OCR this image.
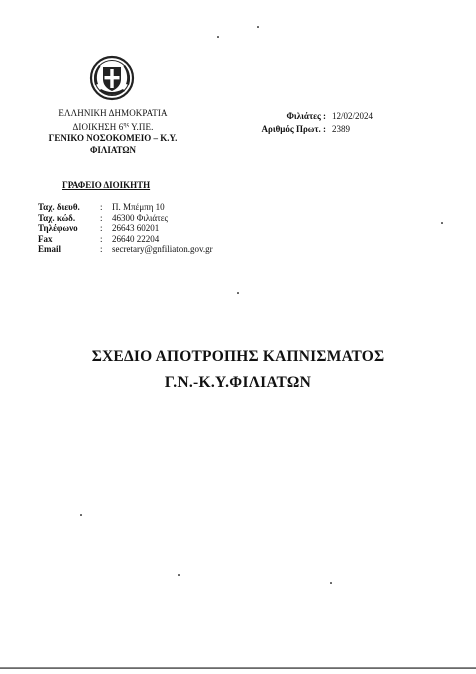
ΕΛΛΗΝΙΚΗ ΔΗΜΟΚΡΑΤΙΑ
ΔΙΟΙΚΗΣΗ $6^{\eta\varsigma}$ Υ.ΠΕ.
ΓΕΝΙΚΟ ΝΟΣΟΚΟΜΕΙΟ – Κ.Υ.
ΦΙΛΙΑΤΩΝ
Φιλιάτες : 12/02/2024
Αριθμός Πρωτ. : 2389
ΓΡΑΦΕΙΟ ΔΙΟΙΚΗΤΗ
Ταχ. διευθ.	:	Π. Μπέμπη 10
Ταχ. κώδ.	:	46300 Φιλιάτες
Τηλέφωνο	:	26643 60201
Fax	:	26640 22204
Email	:	secretary@gnfiliaton.gov.gr
ΣΧΕΔΙΟ ΑΠΟΤΡΟΠΗΣ ΚΑΠΝΙΣΜΑΤΟΣ
Γ.Ν.-Κ.Υ.ΦΙΛΙΑΤΩΝ
